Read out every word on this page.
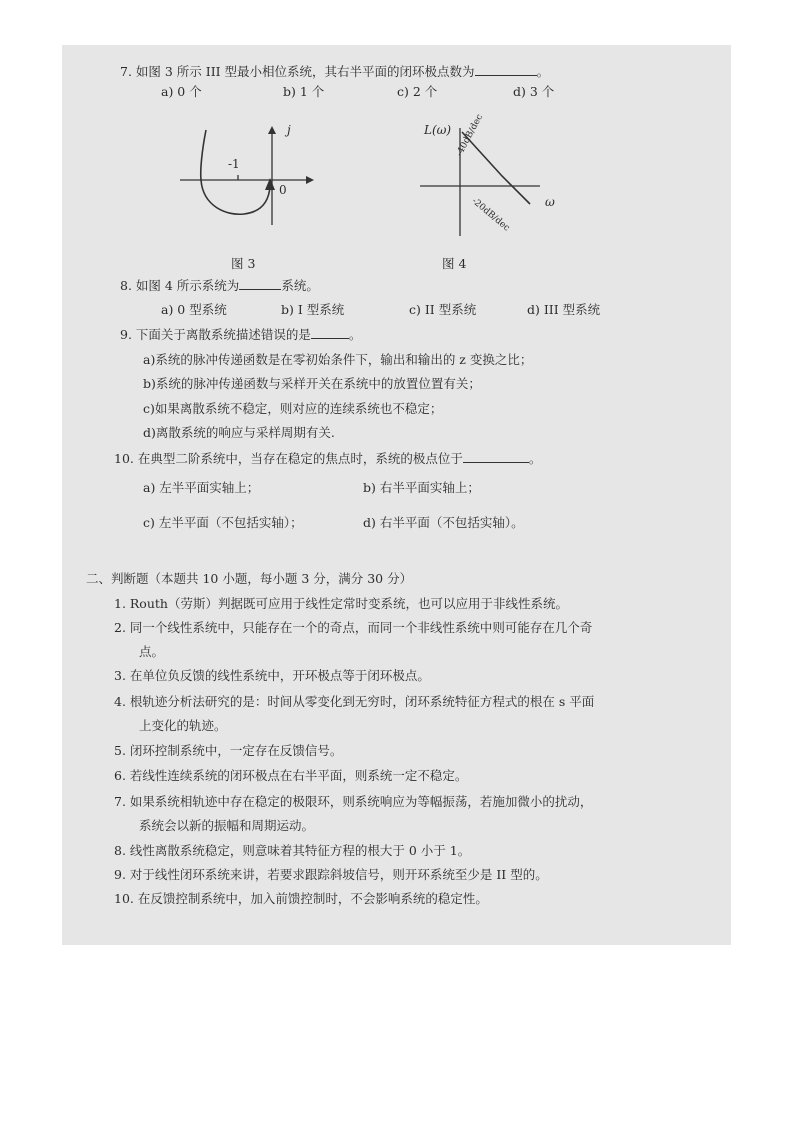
7. 如图 3 所示 III 型最小相位系统，其右半平面的闭环极点数为	。
a) 0 个	b) 1 个	c) 2 个	d) 3 个
j
-1
0
图 3
L(ω)
ω
-40dB/dec
-20dB/dec
图 4
8. 如图 4 所示系统为	系统。
a) 0 型系统	b) I 型系统	c) II 型系统	d) III 型系统
9. 下面关于离散系统描述错误的是	。
a)系统的脉冲传递函数是在零初始条件下，输出和输出的 z 变换之比；
b)系统的脉冲传递函数与采样开关在系统中的放置位置有关；
c)如果离散系统不稳定，则对应的连续系统也不稳定；
d)离散系统的响应与采样周期有关.
10. 在典型二阶系统中，当存在稳定的焦点时，系统的极点位于	。
a) 左半平面实轴上；	b) 右半平面实轴上；
c) 左半平面（不包括实轴）；	d) 右半平面（不包括实轴）。
二、判断题（本题共 10 小题，每小题 3 分，满分 30 分）
1. Routh（劳斯）判据既可应用于线性定常时变系统，也可以应用于非线性系统。
2. 同一个线性系统中，只能存在一个的奇点，而同一个非线性系统中则可能存在几个奇
点。
3. 在单位负反馈的线性系统中，开环极点等于闭环极点。
4. 根轨迹分析法研究的是：时间从零变化到无穷时，闭环系统特征方程式的根在 s 平面
上变化的轨迹。
5. 闭环控制系统中，一定存在反馈信号。
6. 若线性连续系统的闭环极点在右半平面，则系统一定不稳定。
7. 如果系统相轨迹中存在稳定的极限环，则系统响应为等幅振荡，若施加微小的扰动，
系统会以新的振幅和周期运动。
8. 线性离散系统稳定，则意味着其特征方程的根大于 0 小于 1。
9. 对于线性闭环系统来讲，若要求跟踪斜坡信号，则开环系统至少是 II 型的。
10. 在反馈控制系统中，加入前馈控制时，不会影响系统的稳定性。
